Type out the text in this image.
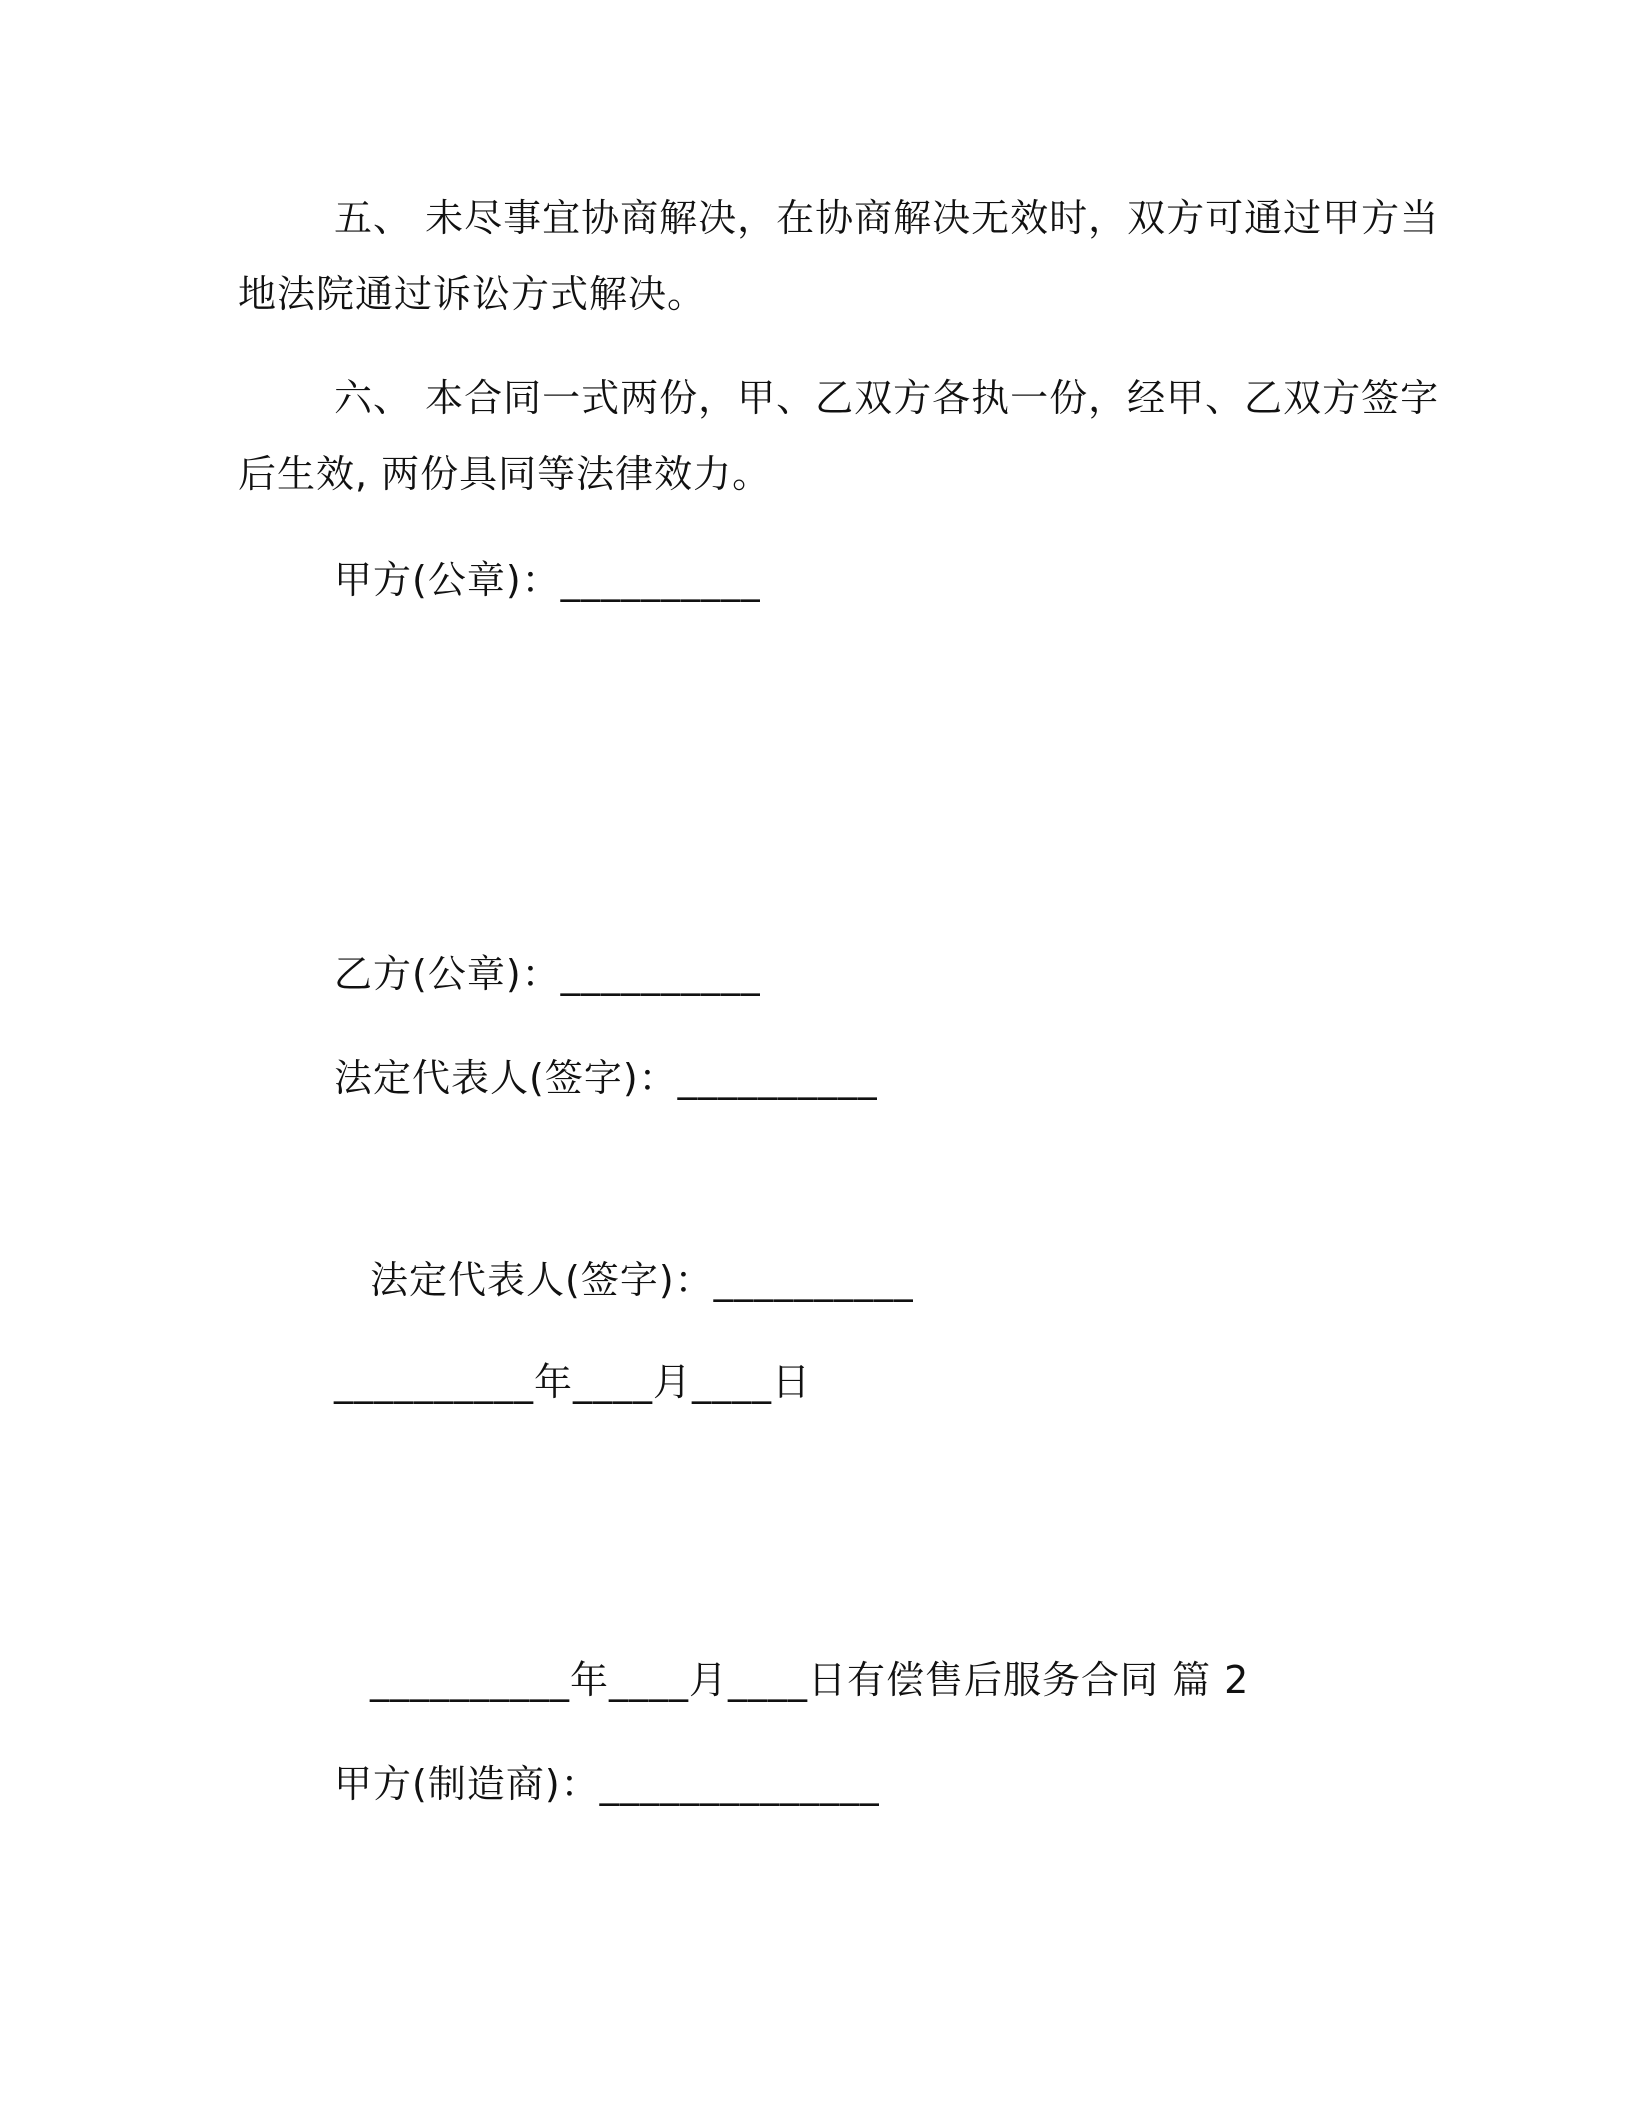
五、 未尽事宜协商解决，在协商解决无效时，双方可通过甲方当
地法院通过诉讼方式解决。
六、 本合同一式两份，甲、乙双方各执一份，经甲、乙双方签字
后生效, 两份具同等法律效力。
甲方(公章)：__________
乙方(公章)：__________
法定代表人(签字)：__________
法定代表人(签字)：__________
__________年____月____日
__________年____月____日有偿售后服务合同 篇 2
甲方(制造商)：______________
